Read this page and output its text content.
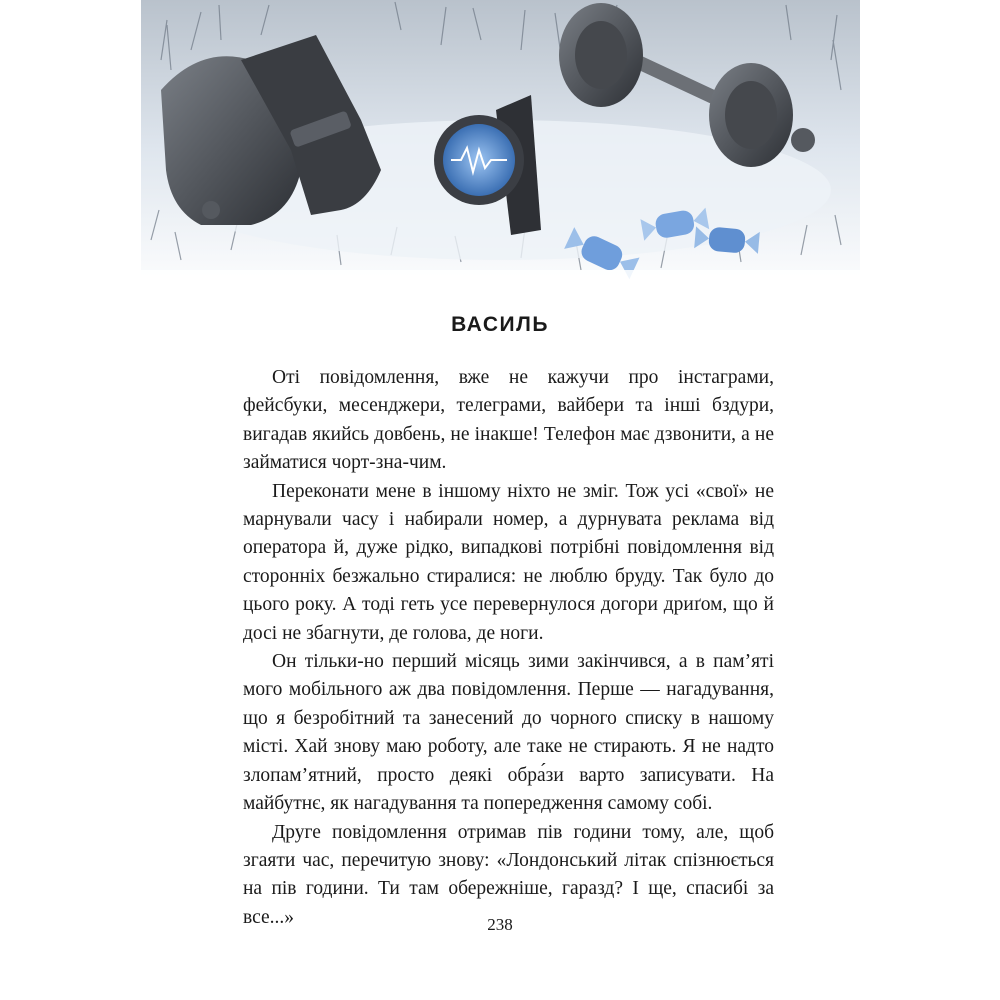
ВАСИЛЬ

Оті повідомлення, вже не кажучи про інстаграми, фейсбуки, месенджери, телеграми, вайбери та інші бздури, вигадав якийсь довбень, не інакше! Телефон має дзвонити, а не займатися чорт-зна-чим.

Переконати мене в іншому ніхто не зміг. Тож усі «свої» не марнували часу і набирали номер, а дурнувата реклама від оператора й, дуже рідко, випадкові потрібні повідомлення від сторонніх безжально стиралися: не люблю бруду. Так було до цього року. А тоді геть усе перевернулося догори дриґом, що й досі не збагнути, де голова, де ноги.

Он тільки-но перший місяць зими закінчився, а в пам’яті мого мобільного аж два повідомлення. Перше — нагадування, що я безробітний та занесений до чорного списку в нашому місті. Хай знову маю роботу, але таке не стирають. Я не надто злопам’ятний, просто деякі обра́зи варто записувати. На майбутнє, як нагадування та попередження самому собі.

Друге повідомлення отримав пів години тому, але, щоб згаяти час, перечитую знову: «Лондонський літак спізнюється на пів години. Ти там обережніше, гаразд? І ще, спасибі за все...»	238
